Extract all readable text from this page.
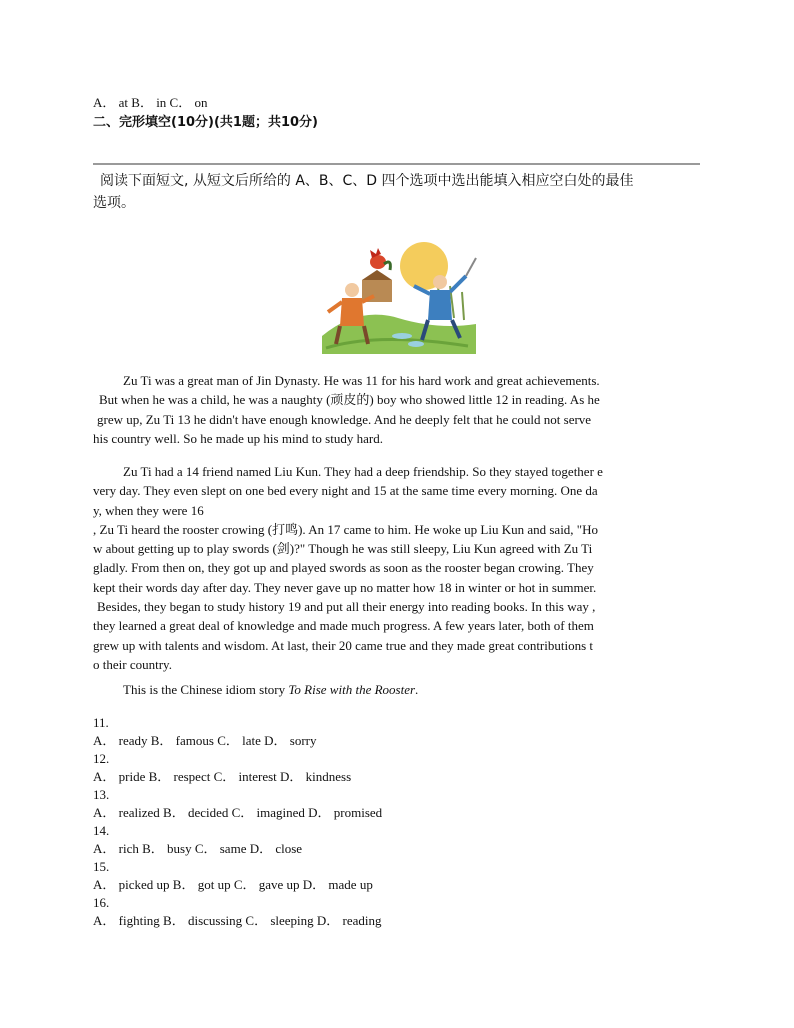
A． at B． in C． on
二、完形填空(10分)(共1题；共10分)
阅读下面短文, 从短文后所给的 A、B、C、D 四个选项中选出能填入相应空白处的最佳
选项。

Zu Ti was a great man of Jin Dynasty. He was 11 for his hard work and great achievements.

But when he was a child, he was a naughty (顽皮的) boy who showed little 12 in reading. As he

grew up, Zu Ti 13 he didn't have enough knowledge. And he deeply felt that he could not serve

his country well. So he made up his mind to study hard.

Zu Ti had a 14 friend named Liu Kun. They had a deep friendship. So they stayed together e

very day. They even slept on one bed every night and 15 at the same time every morning. One da

y, when they were 16

, Zu Ti heard the rooster crowing (打鸣). An 17 came to him. He woke up Liu Kun and said, "Ho

w about getting up to play swords (剑)?" Though he was still sleepy, Liu Kun agreed with Zu Ti

gladly. From then on, they got up and played swords as soon as the rooster began crowing. They

kept their words day after day. They never gave up no matter how 18 in winter or hot in summer.

Besides, they began to study history 19 and put all their energy into reading books. In this way ,

they learned a great deal of knowledge and made much progress. A few years later, both of them

grew up with talents and wisdom. At last, their 20 came true and they made great contributions t

o their country.

This is the Chinese idiom story To Rise with the Rooster.
11.
A． ready B． famous C． late D． sorry
12.
A． pride B． respect C． interest D． kindness
13.
A． realized B． decided C． imagined D． promised
14.
A． rich B． busy C． same D． close
15.
A． picked up B． got up C． gave up D． made up
16.
A． fighting B． discussing C． sleeping D． reading
